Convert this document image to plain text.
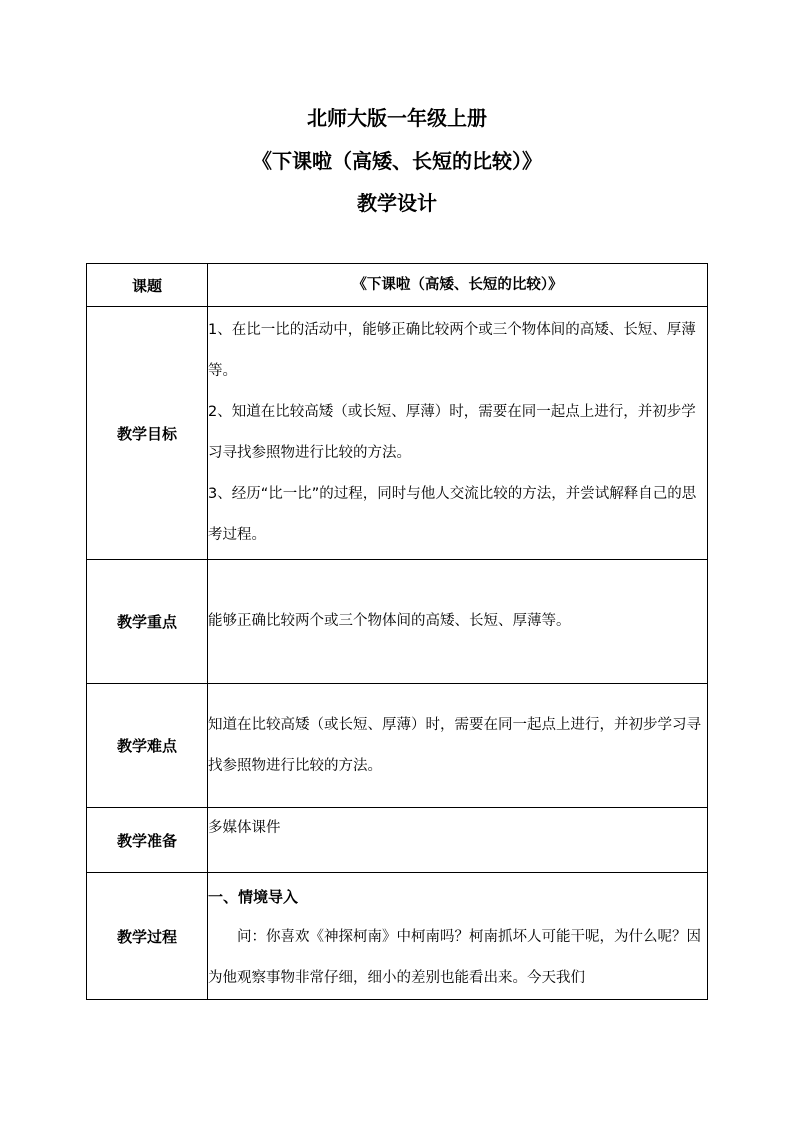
北师大版一年级上册
《下课啦（高矮、长短的比较）》
教学设计
课题	《下课啦（高矮、长短的比较）》
教学目标	1、在比一比的活动中，能够正确比较两个或三个物体间的高矮、长短、厚薄等。

2、知道在比较高矮（或长短、厚薄）时，需要在同一起点上进行，并初步学习寻找参照物进行比较的方法。

3、经历“比一比”的过程，同时与他人交流比较的方法，并尝试解释自己的思考过程。

教学重点	能够正确比较两个或三个物体间的高矮、长短、厚薄等。
教学难点	知道在比较高矮（或长短、厚薄）时，需要在同一起点上进行，并初步学习寻找参照物进行比较的方法。
教学准备	多媒体课件
教学过程	一、情境导入

问：你喜欢《神探柯南》中柯南吗？柯南抓坏人可能干呢，为什么呢？因为他观察事物非常仔细，细小的差别也能看出来。今天我们
